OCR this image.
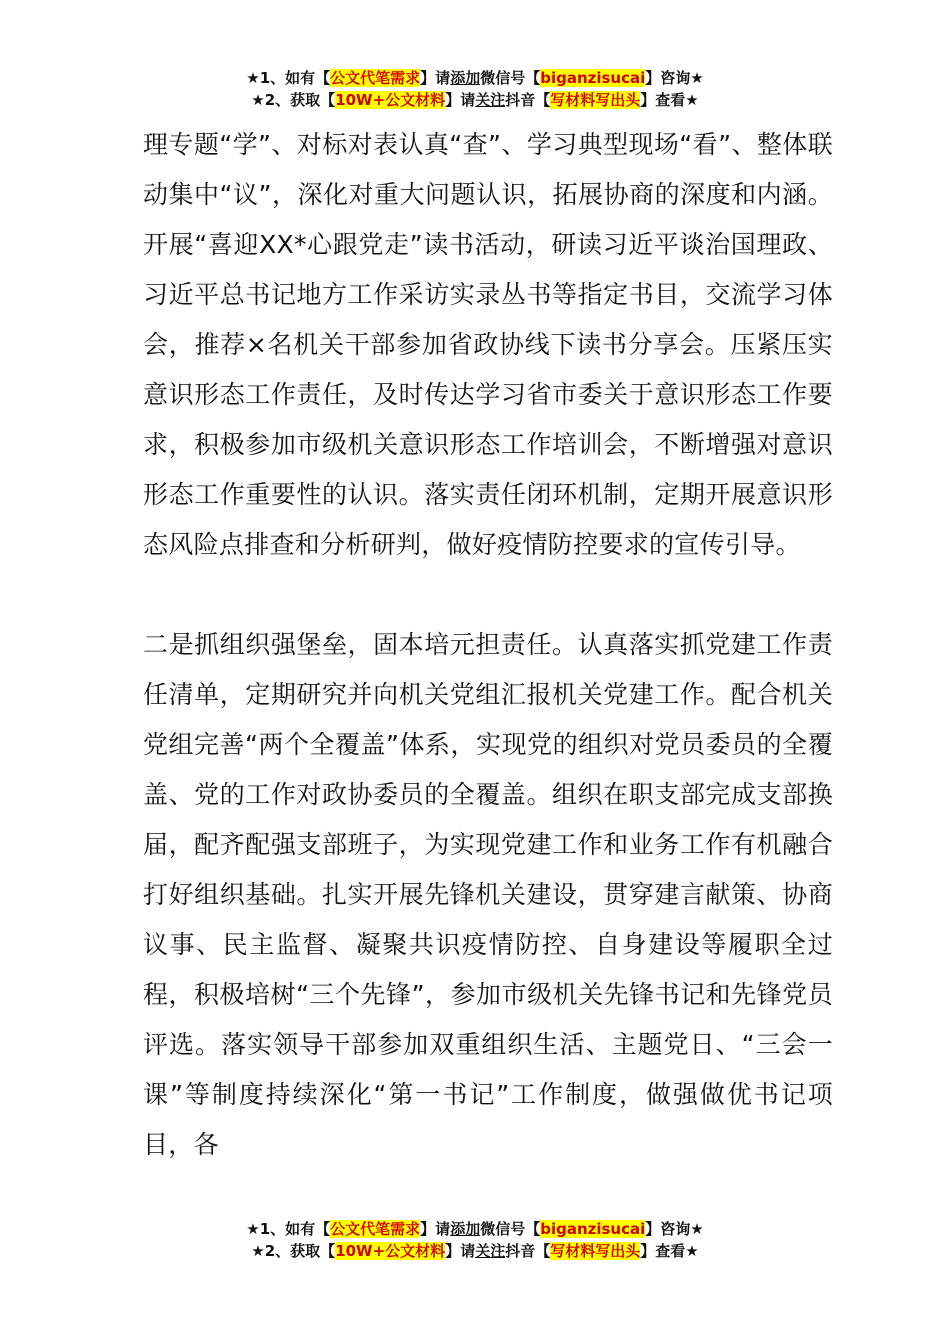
★1、如有【公文代笔需求】请添加微信号【biganzisucai】咨询★
★2、获取【10W+公文材料】请关注抖音【写材料写出头】查看★

理专题“学”、对标对表认真“查”、学习典型现场“看”、整体联动集中“议”，深化对重大问题认识，拓展协商的深度和内涵。开展“喜迎XX*心跟党走”读书活动，研读习近平谈治国理政、习近平总书记地方工作采访实录丛书等指定书目，交流学习体会，推荐×名机关干部参加省政协线下读书分享会。压紧压实意识形态工作责任，及时传达学习省市委关于意识形态工作要求，积极参加市级机关意识形态工作培训会，不断增强对意识形态工作重要性的认识。落实责任闭环机制，定期开展意识形态风险点排查和分析研判，做好疫情防控要求的宣传引导。

二是抓组织强堡垒，固本培元担责任。认真落实抓党建工作责任清单，定期研究并向机关党组汇报机关党建工作。配合机关党组完善“两个全覆盖”体系，实现党的组织对党员委员的全覆盖、党的工作对政协委员的全覆盖。组织在职支部完成支部换届，配齐配强支部班子，为实现党建工作和业务工作有机融合打好组织基础。扎实开展先锋机关建设，贯穿建言献策、协商议事、民主监督、凝聚共识疫情防控、自身建设等履职全过程，积极培树“三个先锋”，参加市级机关先锋书记和先锋党员评选。落实领导干部参加双重组织生活、主题党日、“三会一课”等制度持续深化“第一书记”工作制度，做强做优书记项目，各

★1、如有【公文代笔需求】请添加微信号【biganzisucai】咨询★
★2、获取【10W+公文材料】请关注抖音【写材料写出头】查看★
